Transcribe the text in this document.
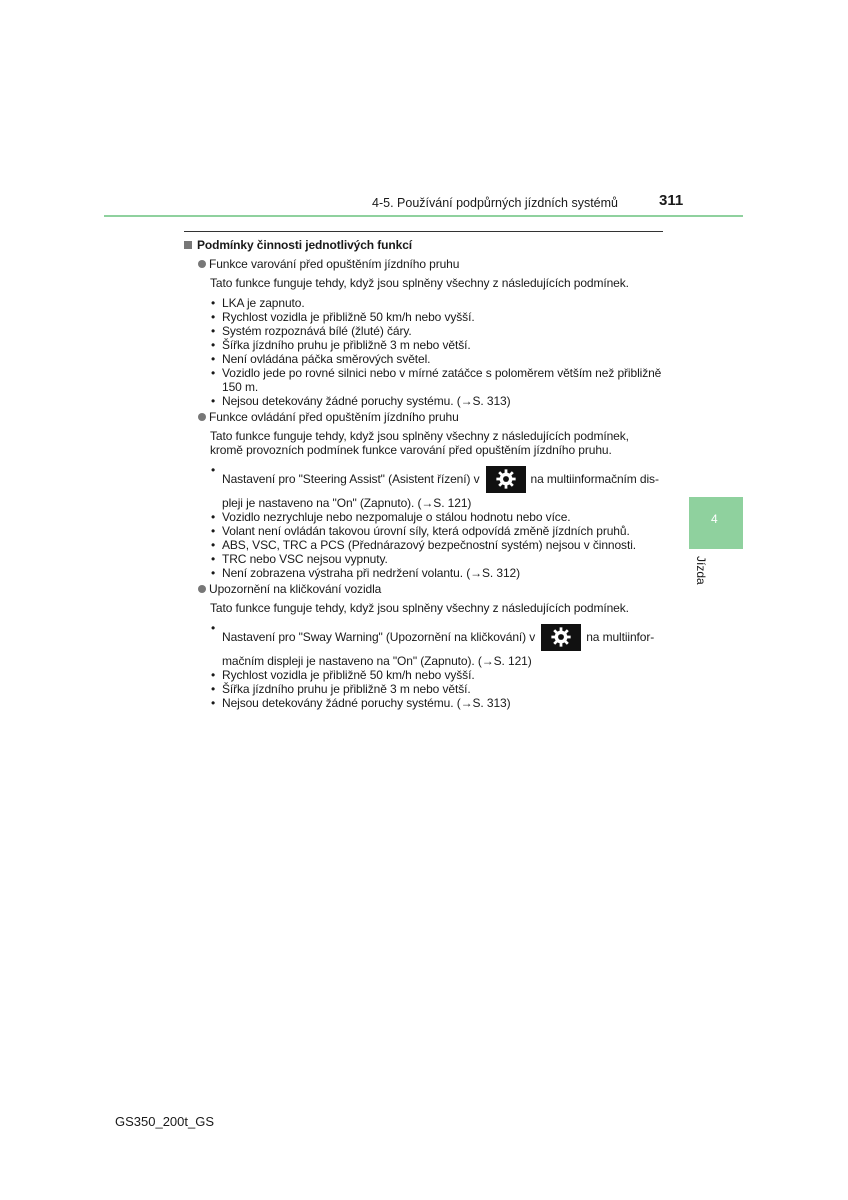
4-5. Používání podpůrných jízdních systémů	311
4
Jízda
Podmínky činnosti jednotlivých funkcí
Funkce varování před opuštěním jízdního pruhu
Tato funkce funguje tehdy, když jsou splněny všechny z následujících podmínek.
• LKA je zapnuto.
• Rychlost vozidla je přibližně 50 km/h nebo vyšší.
• Systém rozpoznává bílé (žluté) čáry.
• Šířka jízdního pruhu je přibližně 3 m nebo větší.
• Není ovládána páčka směrových světel.
• Vozidlo jede po rovné silnici nebo v mírné zatáčce s poloměrem větším než přibližně 150 m.
• Nejsou detekovány žádné poruchy systému. (→S. 313)
Funkce ovládání před opuštěním jízdního pruhu
Tato funkce funguje tehdy, když jsou splněny všechny z následujících podmínek, kromě provozních podmínek funkce varování před opuštěním jízdního pruhu.
• Nastavení pro "Steering Assist" (Asistent řízení) v	na multiinformačním dis-
pleji je nastaveno na "On" (Zapnuto). (→S. 121)
• Vozidlo nezrychluje nebo nezpomaluje o stálou hodnotu nebo více.
• Volant není ovládán takovou úrovní síly, která odpovídá změně jízdních pruhů.
• ABS, VSC, TRC a PCS (Přednárazový bezpečnostní systém) nejsou v činnosti.
• TRC nebo VSC nejsou vypnuty.
• Není zobrazena výstraha při nedržení volantu. (→S. 312)
Upozornění na kličkování vozidla
Tato funkce funguje tehdy, když jsou splněny všechny z následujících podmínek.
• Nastavení pro "Sway Warning" (Upozornění na kličkování) v	na multiinfor-
mačním displeji je nastaveno na "On" (Zapnuto). (→S. 121)
• Rychlost vozidla je přibližně 50 km/h nebo vyšší.
• Šířka jízdního pruhu je přibližně 3 m nebo větší.
• Nejsou detekovány žádné poruchy systému. (→S. 313)
GS350_200t_GS
